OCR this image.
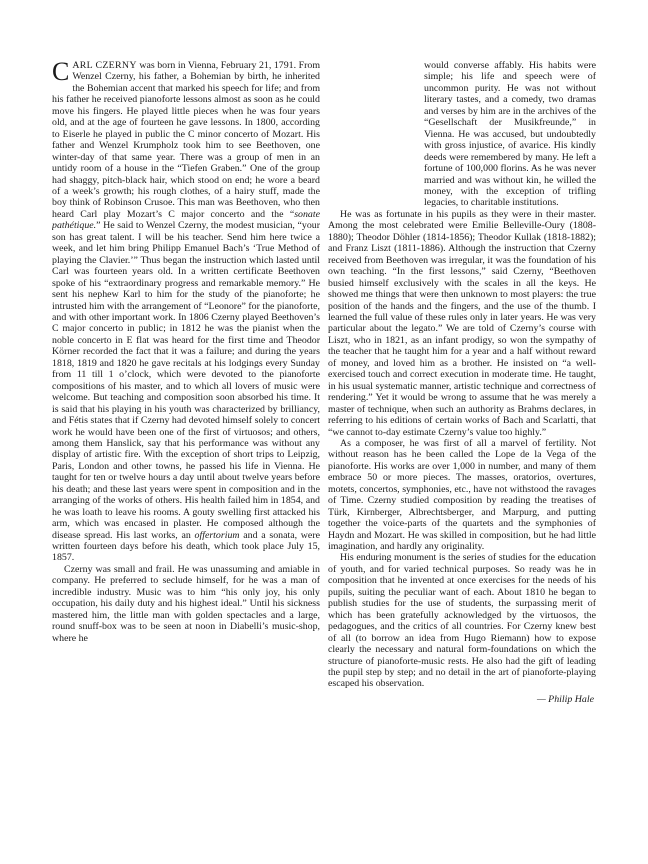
CARL CZERNY was born in Vienna, February 21, 1791. From Wenzel Czerny, his father, a Bohemian by birth, he inherited the Bohemian accent that marked his speech for life; and from his father he received pianoforte lessons almost as soon as he could move his fingers. He played little pieces when he was four years old, and at the age of fourteen he gave lessons. In 1800, according to Eiserle he played in public the C minor concerto of Mozart. His father and Wenzel Krumpholz took him to see Beethoven, one winter-day of that same year. There was a group of men in an untidy room of a house in the “Tiefen Graben.” One of the group had shaggy, pitch-black hair, which stood on end; he wore a beard of a week’s growth; his rough clothes, of a hairy stuff, made the boy think of Robinson Crusoe. This man was Beethoven, who then heard Carl play Mozart’s C major concerto and the “sonate pathétique.” He said to Wenzel Czerny, the modest musician, “your son has great talent. I will be his teacher. Send him here twice a week, and let him bring Philipp Emanuel Bach’s ‘True Method of playing the Clavier.’” Thus began the instruction which lasted until Carl was fourteen years old. In a written certificate Beethoven spoke of his “extraordinary progress and remarkable memory.” He sent his nephew Karl to him for the study of the pianoforte; he intrusted him with the arrangement of “Leonore” for the pianoforte, and with other important work. In 1806 Czerny played Beethoven’s C major concerto in public; in 1812 he was the pianist when the noble concerto in E flat was heard for the first time and Theodor Körner recorded the fact that it was a failure; and during the years 1818, 1819 and 1820 he gave recitals at his lodgings every Sunday from 11 till 1 o’clock, which were devoted to the pianoforte compositions of his master, and to which all lovers of music were welcome. But teaching and composition soon absorbed his time. It is said that his playing in his youth was characterized by brilliancy, and Fétis states that if Czerny had devoted himself solely to concert work he would have been one of the first of virtuosos; and others, among them Hanslick, say that his performance was without any display of artistic fire. With the exception of short trips to Leipzig, Paris, London and other towns, he passed his life in Vienna. He taught for ten or twelve hours a day until about twelve years before his death; and these last years were spent in composition and in the arranging of the works of others. His health failed him in 1854, and he was loath to leave his rooms. A gouty swelling first attacked his arm, which was encased in plaster. He composed although the disease spread. His last works, an offertorium and a sonata, were written fourteen days before his death, which took place July 15, 1857.

Czerny was small and frail. He was unassuming and amiable in company. He preferred to seclude himself, for he was a man of incredible industry. Music was to him “his only joy, his only occupation, his daily duty and his highest ideal.” Until his sickness mastered him, the little man with golden spectacles and a large, round snuff-box was to be seen at noon in Diabelli’s music-shop, where he

would converse affably. His habits were simple; his life and speech were of uncommon purity. He was not without literary tastes, and a comedy, two dramas and verses by him are in the archives of the “Gesellschaft der Musikfreunde,” in Vienna. He was accused, but undoubtedly with gross injustice, of avarice. His kindly deeds were remembered by many. He left a fortune of 100,000 florins. As he was never married and was without kin, he willed the money, with the exception of trifling legacies, to charitable institutions.

He was as fortunate in his pupils as they were in their master. Among the most celebrated were Emilie Belleville-Oury (1808-1880); Theodor Döhler (1814-1856); Theodor Kullak (1818-1882); and Franz Liszt (1811-1886). Although the instruction that Czerny received from Beethoven was irregular, it was the foundation of his own teaching. “In the first lessons,” said Czerny, “Beethoven busied himself exclusively with the scales in all the keys. He showed me things that were then unknown to most players: the true position of the hands and the fingers, and the use of the thumb. I learned the full value of these rules only in later years. He was very particular about the legato.” We are told of Czerny’s course with Liszt, who in 1821, as an infant prodigy, so won the sympathy of the teacher that he taught him for a year and a half without reward of money, and loved him as a brother. He insisted on “a well-exercised touch and correct execution in moderate time. He taught, in his usual systematic manner, artistic technique and correctness of rendering.” Yet it would be wrong to assume that he was merely a master of technique, when such an authority as Brahms declares, in referring to his editions of certain works of Bach and Scarlatti, that “we cannot to-day estimate Czerny’s value too highly.”

As a composer, he was first of all a marvel of fertility. Not without reason has he been called the Lope de la Vega of the pianoforte. His works are over 1,000 in number, and many of them embrace 50 or more pieces. The masses, oratorios, overtures, motets, concertos, symphonies, etc., have not withstood the ravages of Time. Czerny studied composition by reading the treatises of Türk, Kirnberger, Albrechtsberger, and Marpurg, and putting together the voice-parts of the quartets and the symphonies of Haydn and Mozart. He was skilled in composition, but he had little imagination, and hardly any originality.

His enduring monument is the series of studies for the education of youth, and for varied technical purposes. So ready was he in composition that he invented at once exercises for the needs of his pupils, suiting the peculiar want of each. About 1810 he began to publish studies for the use of students, the surpassing merit of which has been gratefully acknowledged by the virtuosos, the pedagogues, and the critics of all countries. For Czerny knew best of all (to borrow an idea from Hugo Riemann) how to expose clearly the necessary and natural form-foundations on which the structure of pianoforte-music rests. He also had the gift of leading the pupil step by step; and no detail in the art of pianoforte-playing escaped his observation.

— Philip Hale
